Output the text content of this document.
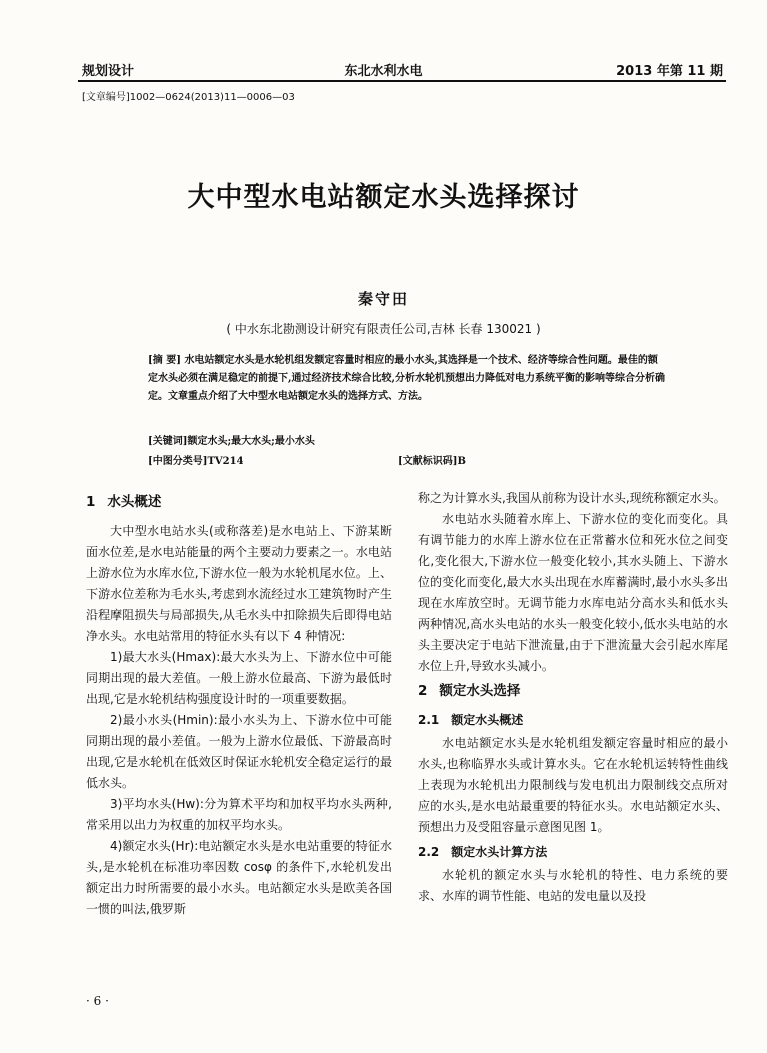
规划设计	东北水利水电	2013 年第 11 期
[文章编号]1002—0624(2013)11—0006—03
大中型水电站额定水头选择探讨
秦守田
( 中水东北勘测设计研究有限责任公司,吉林 长春 130021 )
[摘 要] 水电站额定水头是水轮机组发额定容量时相应的最小水头,其选择是一个技术、经济等综合性问题。最佳的额定水头必须在满足稳定的前提下,通过经济技术综合比较,分析水轮机预想出力降低对电力系统平衡的影响等综合分析确定。文章重点介绍了大中型水电站额定水头的选择方式、方法。
[关键词]额定水头;最大水头;最小水头
[中图分类号]TV214	[文献标识码]B
1 水头概述

大中型水电站水头(或称落差)是水电站上、下游某断面水位差,是水电站能量的两个主要动力要素之一。水电站上游水位为水库水位,下游水位一般为水轮机尾水位。上、下游水位差称为毛水头,考虑到水流经过水工建筑物时产生沿程摩阻损失与局部损失,从毛水头中扣除损失后即得电站净水头。水电站常用的特征水头有以下 4 种情况:

1)最大水头(Hmax):最大水头为上、下游水位中可能同期出现的最大差值。一般上游水位最高、下游为最低时出现,它是水轮机结构强度设计时的一项重要数据。

2)最小水头(Hmin):最小水头为上、下游水位中可能同期出现的最小差值。一般为上游水位最低、下游最高时出现,它是水轮机在低效区时保证水轮机安全稳定运行的最低水头。

3)平均水头(Hw):分为算术平均和加权平均水头两种,常采用以出力为权重的加权平均水头。

4)额定水头(Hr):电站额定水头是水电站重要的特征水头,是水轮机在标准功率因数 cosφ 的条件下,水轮机发出额定出力时所需要的最小水头。电站额定水头是欧美各国一惯的叫法,俄罗斯

称之为计算水头,我国从前称为设计水头,现统称额定水头。

水电站水头随着水库上、下游水位的变化而变化。具有调节能力的水库上游水位在正常蓄水位和死水位之间变化,变化很大,下游水位一般变化较小,其水头随上、下游水位的变化而变化,最大水头出现在水库蓄满时,最小水头多出现在水库放空时。无调节能力水库电站分高水头和低水头两种情况,高水头电站的水头一般变化较小,低水头电站的水头主要决定于电站下泄流量,由于下泄流量大会引起水库尾水位上升,导致水头减小。

2 额定水头选择
2.1 额定水头概述

水电站额定水头是水轮机组发额定容量时相应的最小水头,也称临界水头或计算水头。它在水轮机运转特性曲线上表现为水轮机出力限制线与发电机出力限制线交点所对应的水头,是水电站最重要的特征水头。水电站额定水头、预想出力及受阻容量示意图见图 1。

2.2 额定水头计算方法

水轮机的额定水头与水轮机的特性、电力系统的要求、水库的调节性能、电站的发电量以及投

· 6 ·
